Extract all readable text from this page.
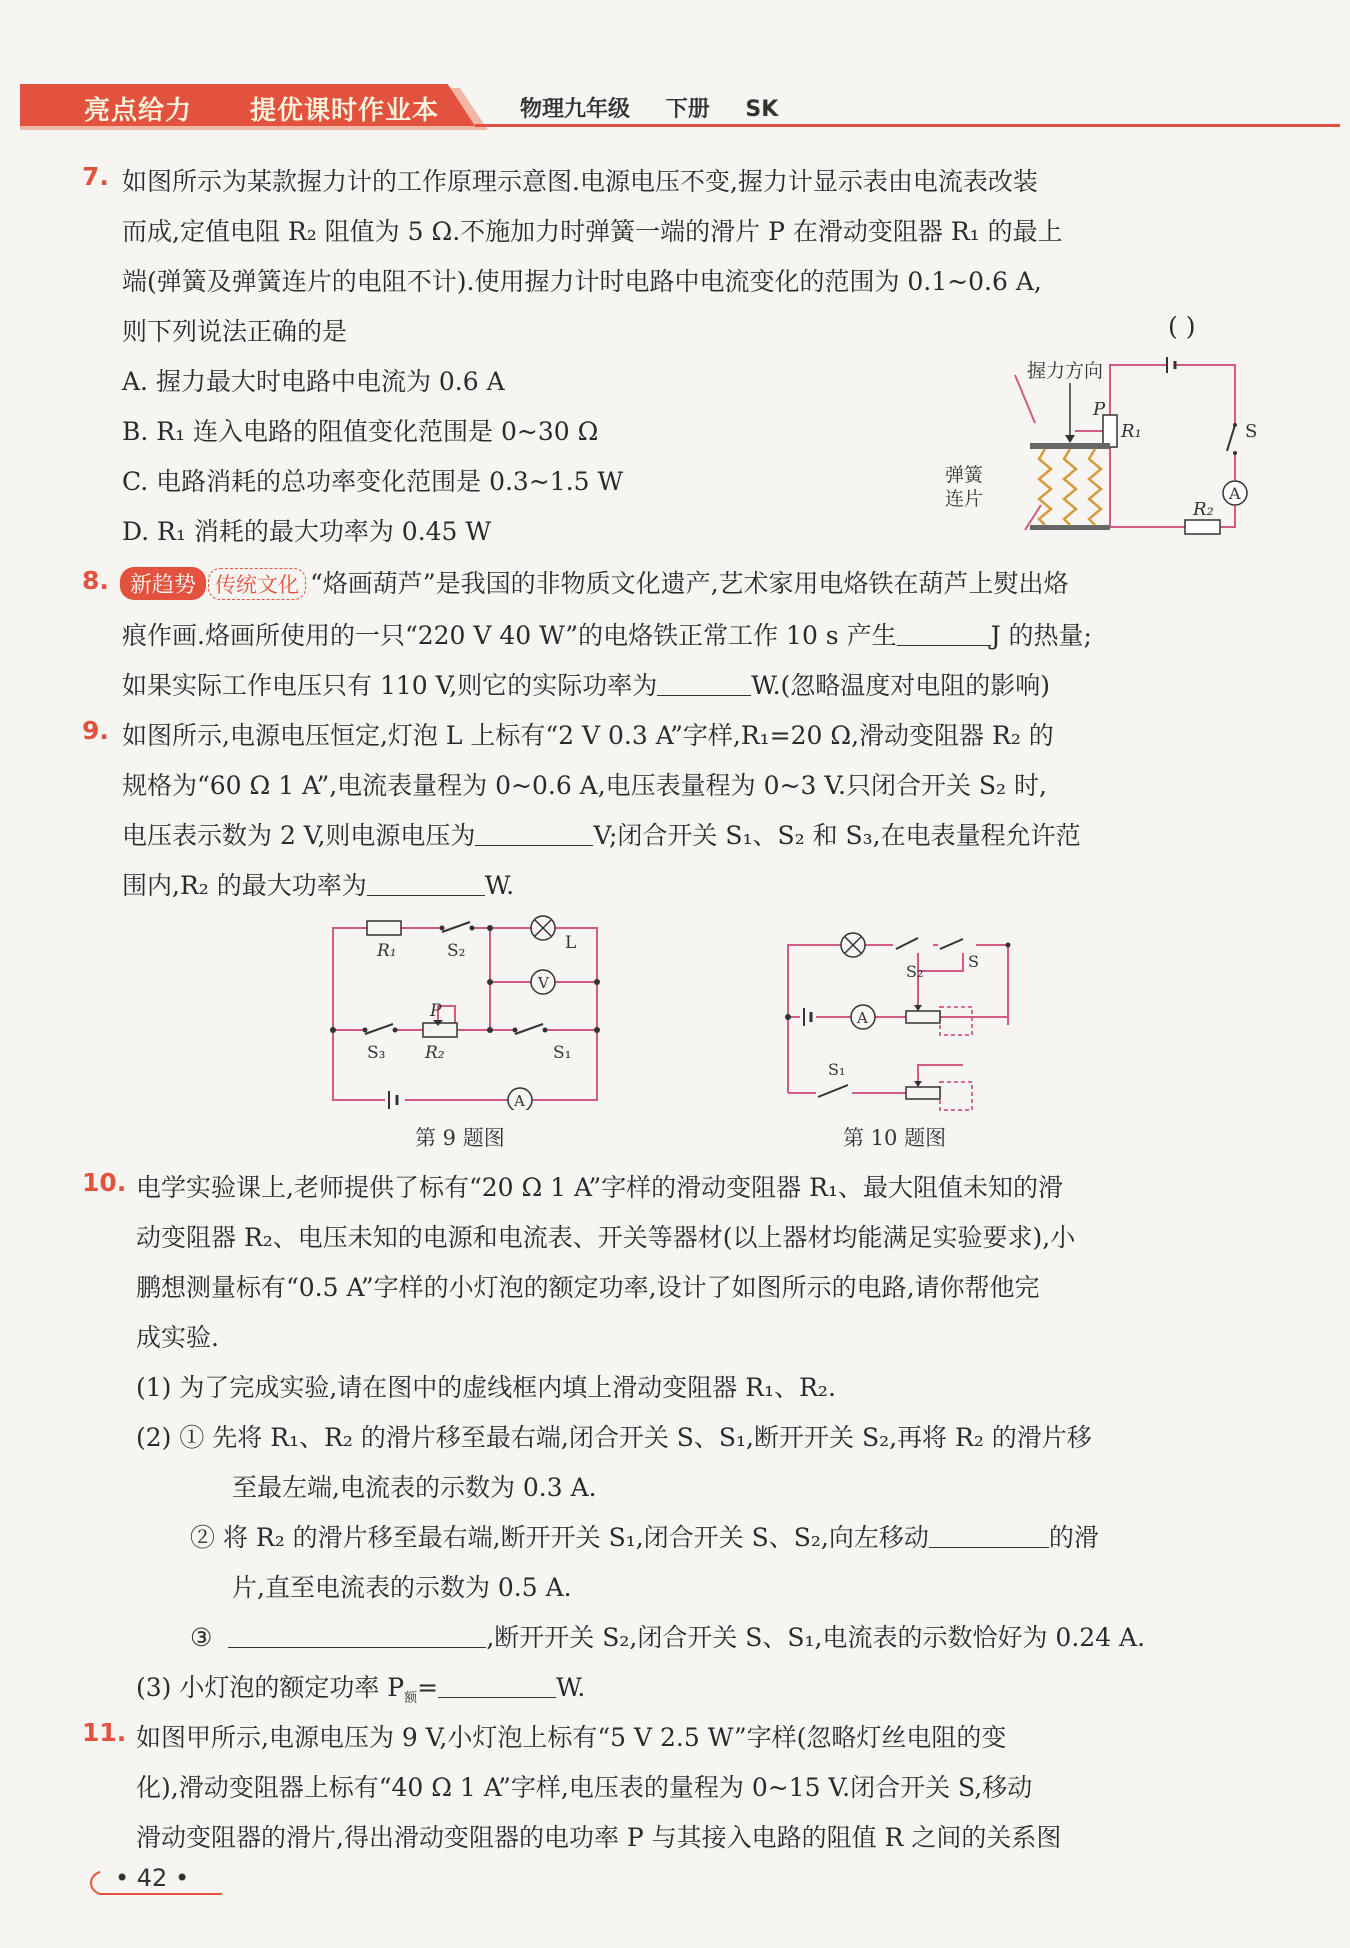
亮点给力 提优课时作业本	物理九年级 下册 SK
7. 如图所示为某款握力计的工作原理示意图.电源电压不变,握力计显示表由电流表改装
而成,定值电阻 R₂ 阻值为 5 Ω.不施加力时弹簧一端的滑片 P 在滑动变阻器 R₁ 的最上
端(弹簧及弹簧连片的电阻不计).使用握力计时电路中电流变化的范围为 0.1~0.6 A,
则下列说法正确的是	( )
A. 握力最大时电路中电流为 0.6 A
B. R₁ 连入电路的阻值变化范围是 0~30 Ω
C. 电路消耗的总功率变化范围是 0.3~1.5 W
D. R₁ 消耗的最大功率为 0.45 W
握力方向
弹簧
连片
P
R₁	S
A
R₂
8. 新趋势 传统文化 “烙画葫芦”是我国的非物质文化遗产,艺术家用电烙铁在葫芦上熨出烙
痕作画.烙画所使用的一只“220 V 40 W”的电烙铁正常工作 10 s 产生	J 的热量;
如果实际工作电压只有 110 V,则它的实际功率为	W.(忽略温度对电阻的影响)
9. 如图所示,电源电压恒定,灯泡 L 上标有“2 V 0.3 A”字样,R₁=20 Ω,滑动变阻器 R₂ 的
规格为“60 Ω 1 A”,电流表量程为 0~0.6 A,电压表量程为 0~3 V.只闭合开关 S₂ 时,
电压表示数为 2 V,则电源电压为	V;闭合开关 S₁、S₂ 和 S₃,在电表量程允许范
围内,R₂ 的最大功率为	W.
R₁	S₂	L
V
P
S₃ R₂	S₁
A
第 9 题图
S₂
S
A
S₁
第 10 题图
10. 电学实验课上,老师提供了标有“20 Ω 1 A”字样的滑动变阻器 R₁、最大阻值未知的滑
动变阻器 R₂、电压未知的电源和电流表、开关等器材(以上器材均能满足实验要求),小
鹏想测量标有“0.5 A”字样的小灯泡的额定功率,设计了如图所示的电路,请你帮他完
成实验.
(1) 为了完成实验,请在图中的虚线框内填上滑动变阻器 R₁、R₂.
(2) ① 先将 R₁、R₂ 的滑片移至最右端,闭合开关 S、S₁,断开开关 S₂,再将 R₂ 的滑片移
至最左端,电流表的示数为 0.3 A.
② 将 R₂ 的滑片移至最右端,断开开关 S₁,闭合开关 S、S₂,向左移动	的滑
片,直至电流表的示数为 0.5 A.
③	,断开开关 S₂,闭合开关 S、S₁,电流表的示数恰好为 0.24 A.
(3) 小灯泡的额定功率 $P_额=$	W.
11. 如图甲所示,电源电压为 9 V,小灯泡上标有“5 V 2.5 W”字样(忽略灯丝电阻的变
化),滑动变阻器上标有“40 Ω 1 A”字样,电压表的量程为 0~15 V.闭合开关 S,移动
滑动变阻器的滑片,得出滑动变阻器的电功率 P 与其接入电路的阻值 R 之间的关系图
• 42 •
